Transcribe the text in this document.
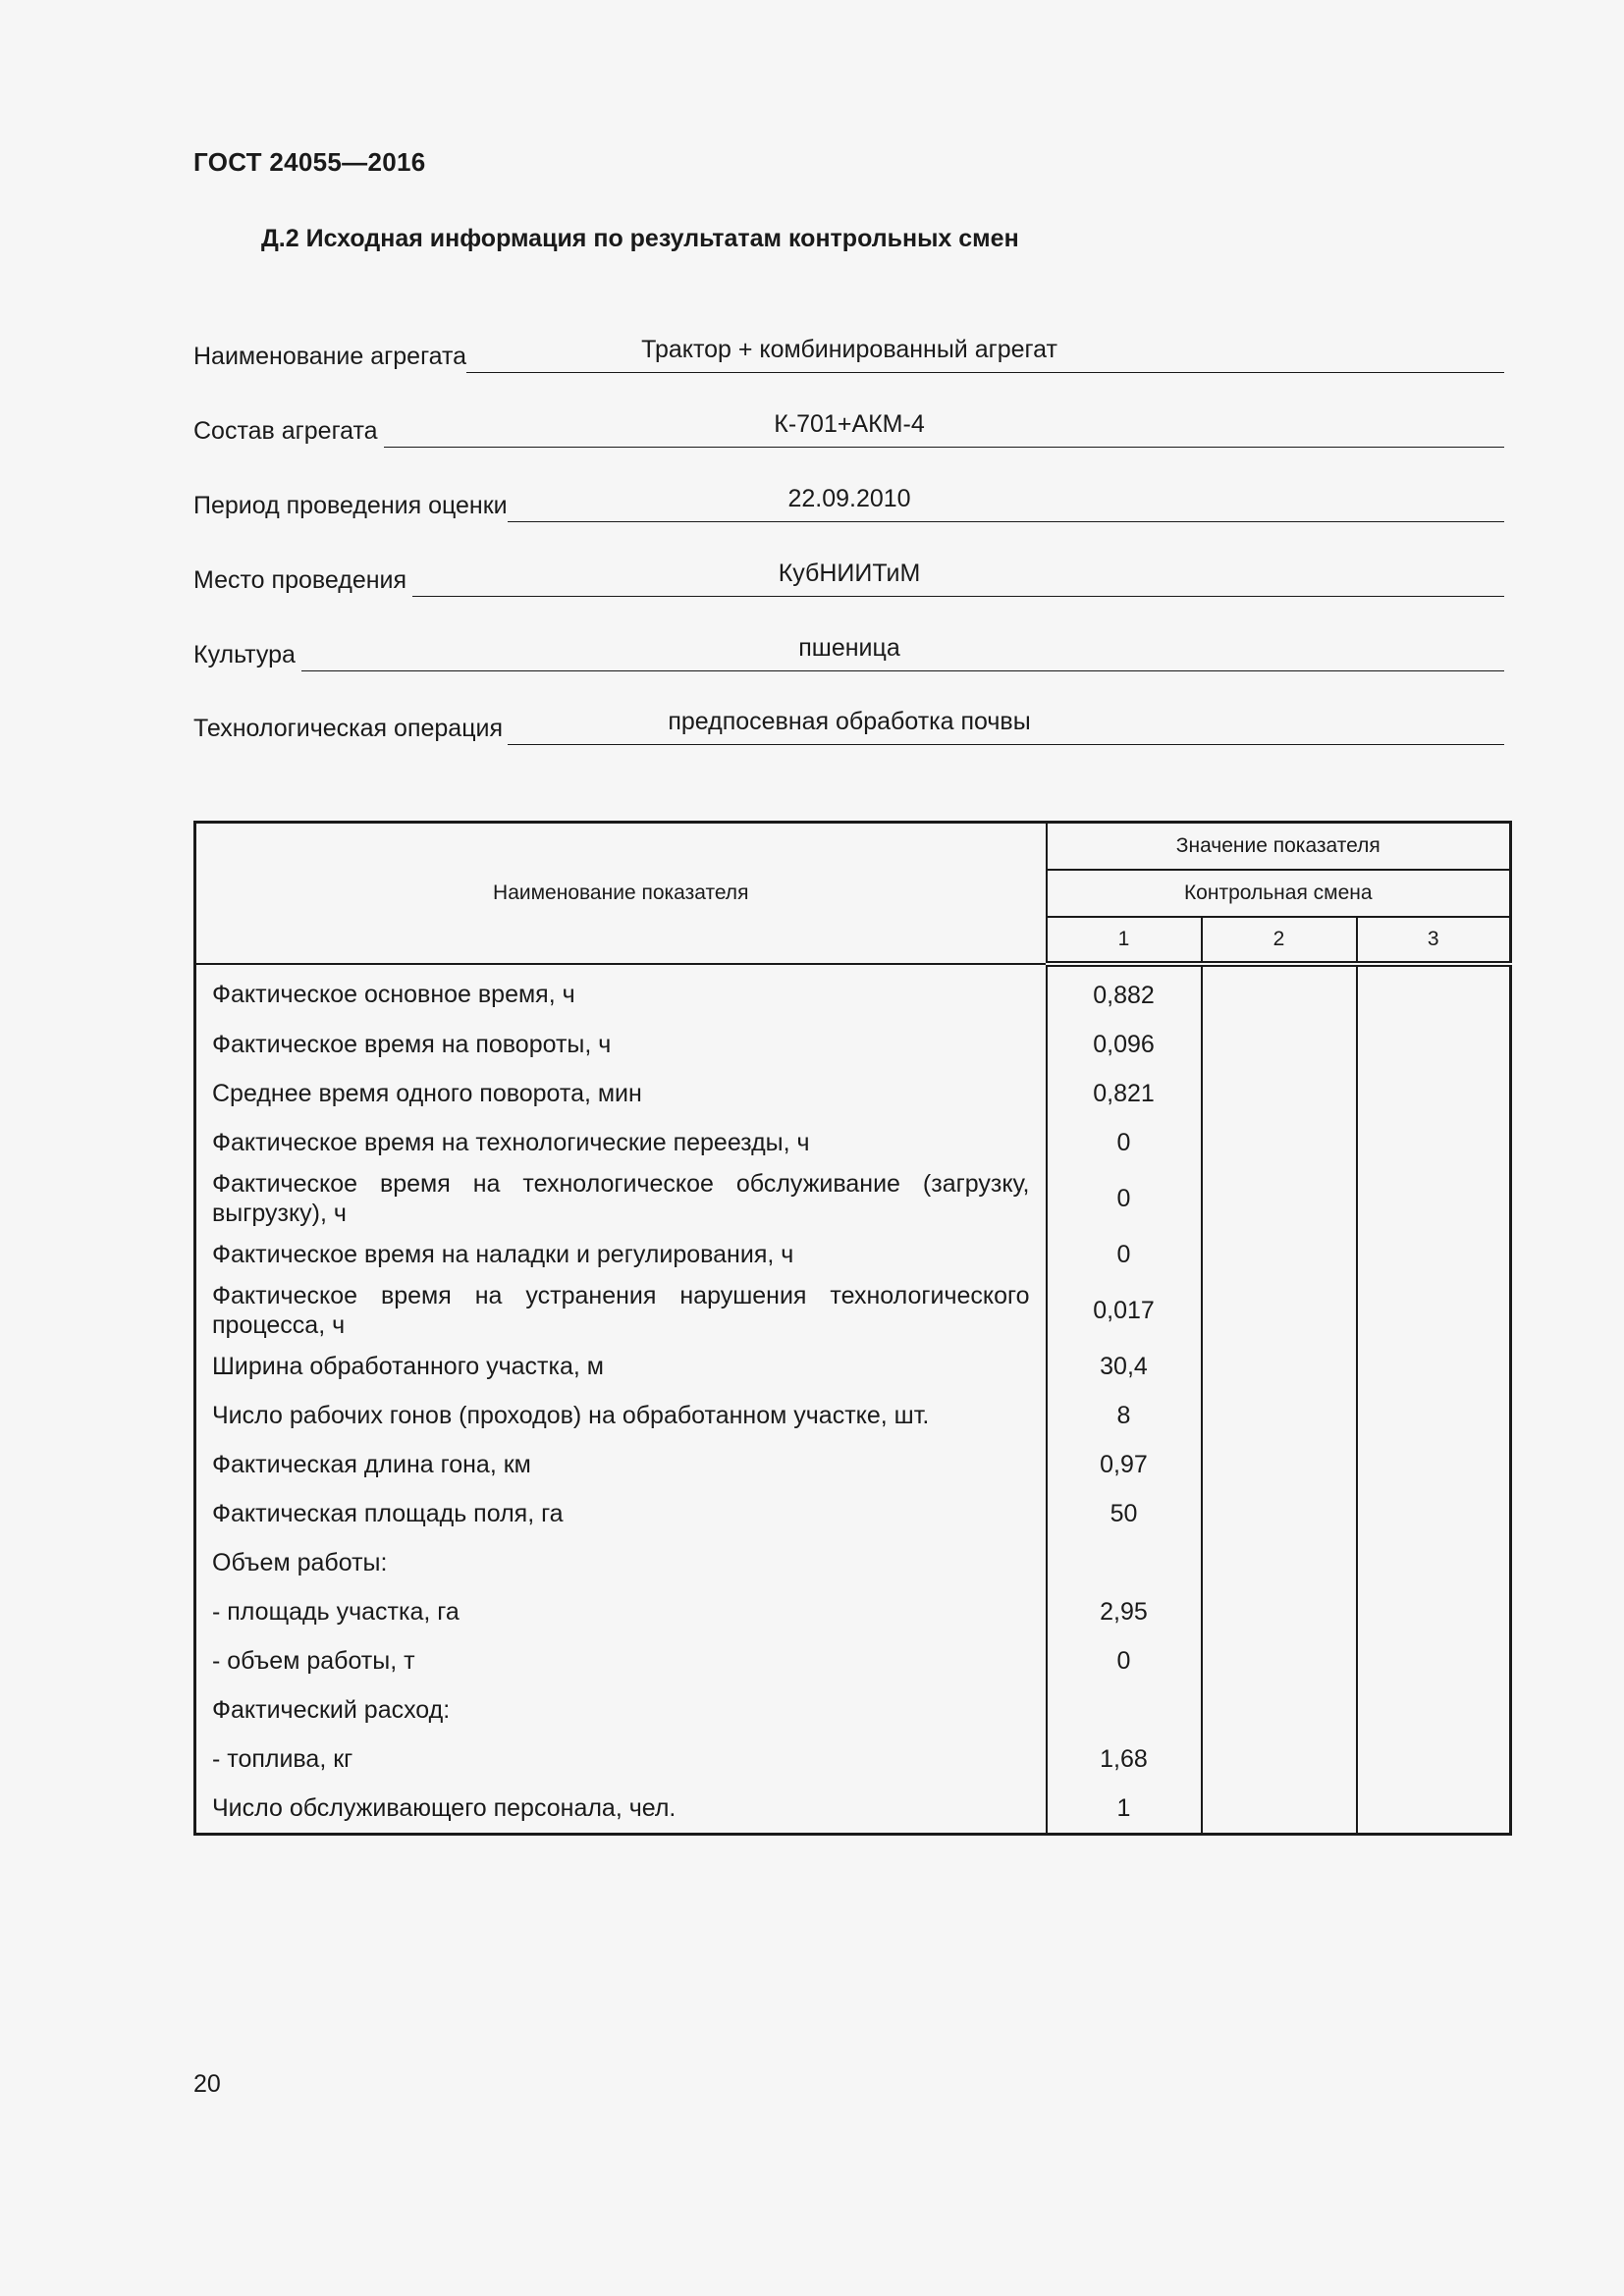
ГОСТ 24055—2016
Д.2 Исходная информация по результатам контрольных смен
Наименование агрегата	Трактор + комбинированный агрегат
Состав агрегата	К-701+АКМ-4
Период проведения оценки	22.09.2010
Место проведения	КубНИИТиМ
Культура	пшеница
Технологическая операция	предпосевная обработка почвы
Наименование показателя	Значение показателя		
	Контрольная смена		
	1	2	3
Фактическое основное время, ч	0,882		
Фактическое время на повороты, ч	0,096		
Среднее время одного поворота, мин	0,821		
Фактическое время на технологические переезды, ч	0		
Фактическое время на технологическое обслуживание (загрузку, выгрузку), ч	0		
Фактическое время на наладки и регулирования, ч	0		
Фактическое время на устранения нарушения технологического процесса, ч	0,017		
Ширина обработанного участка, м	30,4		
Число рабочих гонов (проходов) на обработанном участке, шт.	8		
Фактическая длина гона, км	0,97		
Фактическая площадь поля, га	50		
Объем работы:			
- площадь участка, га	2,95		
- объем работы, т	0		
Фактический расход:			
- топлива, кг	1,68		
Число обслуживающего персонала, чел.	1		
20
